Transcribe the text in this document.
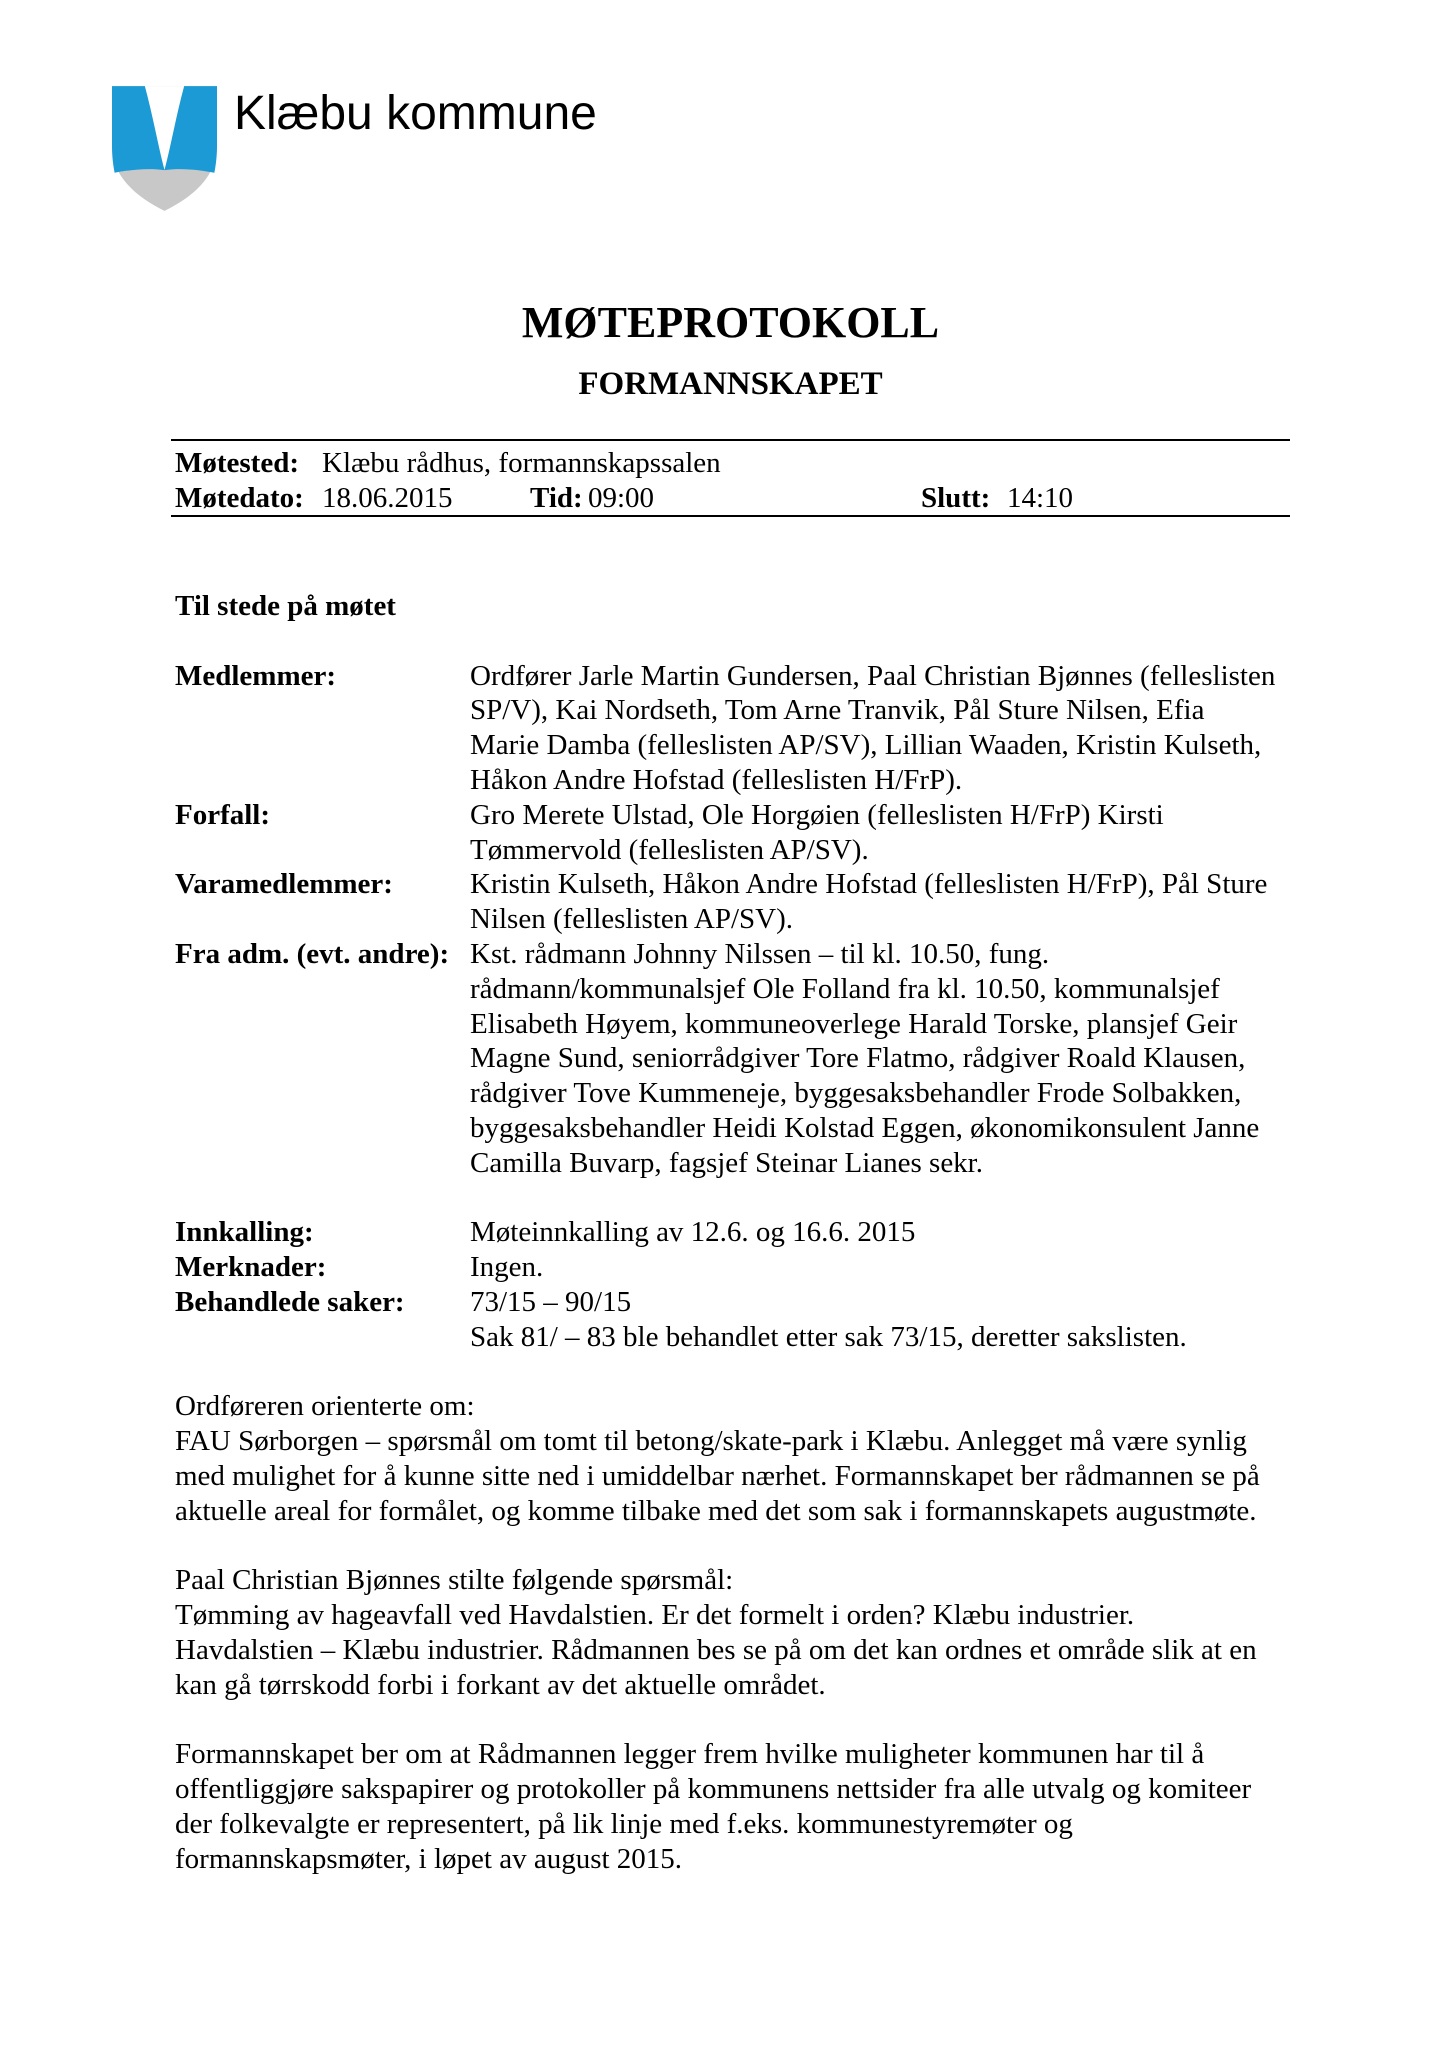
Klæbu kommune
MØTEPROTOKOLL
FORMANNSKAPET
Møtested: Klæbu rådhus, formannskapssalen
Møtedato: 18.06.2015	Tid: 09:00	Slutt: 14:10
Til stede på møtet
Medlemmer:	Ordfører Jarle Martin Gundersen, Paal Christian Bjønnes (felleslisten
SP/V), Kai Nordseth, Tom Arne Tranvik, Pål Sture Nilsen, Efia
Marie Damba (felleslisten AP/SV), Lillian Waaden, Kristin Kulseth,
Håkon Andre Hofstad (felleslisten H/FrP).
Forfall:	Gro Merete Ulstad, Ole Horgøien (felleslisten H/FrP) Kirsti
Tømmervold (felleslisten AP/SV).
Varamedlemmer:	Kristin Kulseth, Håkon Andre Hofstad (felleslisten H/FrP), Pål Sture
Nilsen (felleslisten AP/SV).
Fra adm. (evt. andre): Kst. rådmann Johnny Nilssen – til kl. 10.50, fung.
rådmann/kommunalsjef Ole Folland fra kl. 10.50, kommunalsjef
Elisabeth Høyem, kommuneoverlege Harald Torske, plansjef Geir
Magne Sund, seniorrådgiver Tore Flatmo, rådgiver Roald Klausen,
rådgiver Tove Kummeneje, byggesaksbehandler Frode Solbakken,
byggesaksbehandler Heidi Kolstad Eggen, økonomikonsulent Janne
Camilla Buvarp, fagsjef Steinar Lianes sekr.
Innkalling:	Møteinnkalling av 12.6. og 16.6. 2015
Merknader:	Ingen.
Behandlede saker:	73/15 – 90/15
Sak 81/ – 83 ble behandlet etter sak 73/15, deretter sakslisten.
Ordføreren orienterte om:
FAU Sørborgen – spørsmål om tomt til betong/skate-park i Klæbu. Anlegget må være synlig
med mulighet for å kunne sitte ned i umiddelbar nærhet. Formannskapet ber rådmannen se på
aktuelle areal for formålet, og komme tilbake med det som sak i formannskapets augustmøte.
Paal Christian Bjønnes stilte følgende spørsmål:
Tømming av hageavfall ved Havdalstien. Er det formelt i orden? Klæbu industrier.
Havdalstien – Klæbu industrier. Rådmannen bes se på om det kan ordnes et område slik at en
kan gå tørrskodd forbi i forkant av det aktuelle området.
Formannskapet ber om at Rådmannen legger frem hvilke muligheter kommunen har til å
offentliggjøre sakspapirer og protokoller på kommunens nettsider fra alle utvalg og komiteer
der folkevalgte er representert, på lik linje med f.eks. kommunestyremøter og
formannskapsmøter, i løpet av august 2015.
